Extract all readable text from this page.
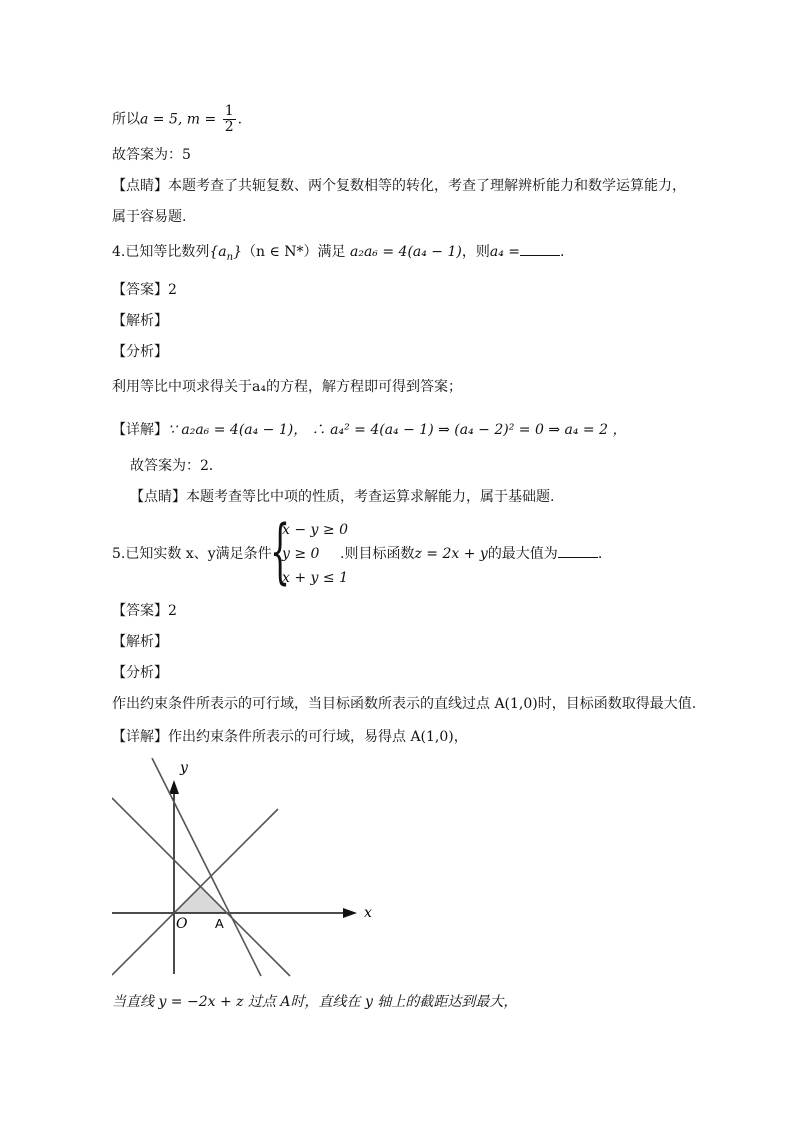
所以a = 5, $m = \frac{1}{2}$ .
故答案为：5
【点睛】本题考查了共轭复数、两个复数相等的转化，考查了理解辨析能力和数学运算能力，
属于容易题.
4.已知等比数列$\{a_n\}(n$ ∈ N*）满足 a₂a₆ = 4(a₄ − 1)，则a₄ =	.
【答案】2
【解析】
【分析】
利用等比中项求得关于a₄的方程，解方程即可得到答案；
【详解】∵ a₂a₆ = 4(a₄ − 1)， ∴ a₄² = 4(a₄ − 1) ⇒ (a₄ − 2)² = 0 ⇒ a₄ = 2 ，
故答案为：2．
【点睛】本题考查等比中项的性质，考查运算求解能力，属于基础题.
5.已知实数 x、y满足条件
{
x − y ≥ 0
y ≥ 0
x + y ≤ 1
.则目标函数z = 2x + y的最大值为	.
【答案】2
【解析】
【分析】
作出约束条件所表示的可行域，当目标函数所表示的直线过点 A(1,0)时，目标函数取得最大值.
【详解】作出约束条件所表示的可行域，易得点 A(1,0)，
y
x
O A
当直线 y = −2x + z 过点 A时，直线在 y 轴上的截距达到最大，
